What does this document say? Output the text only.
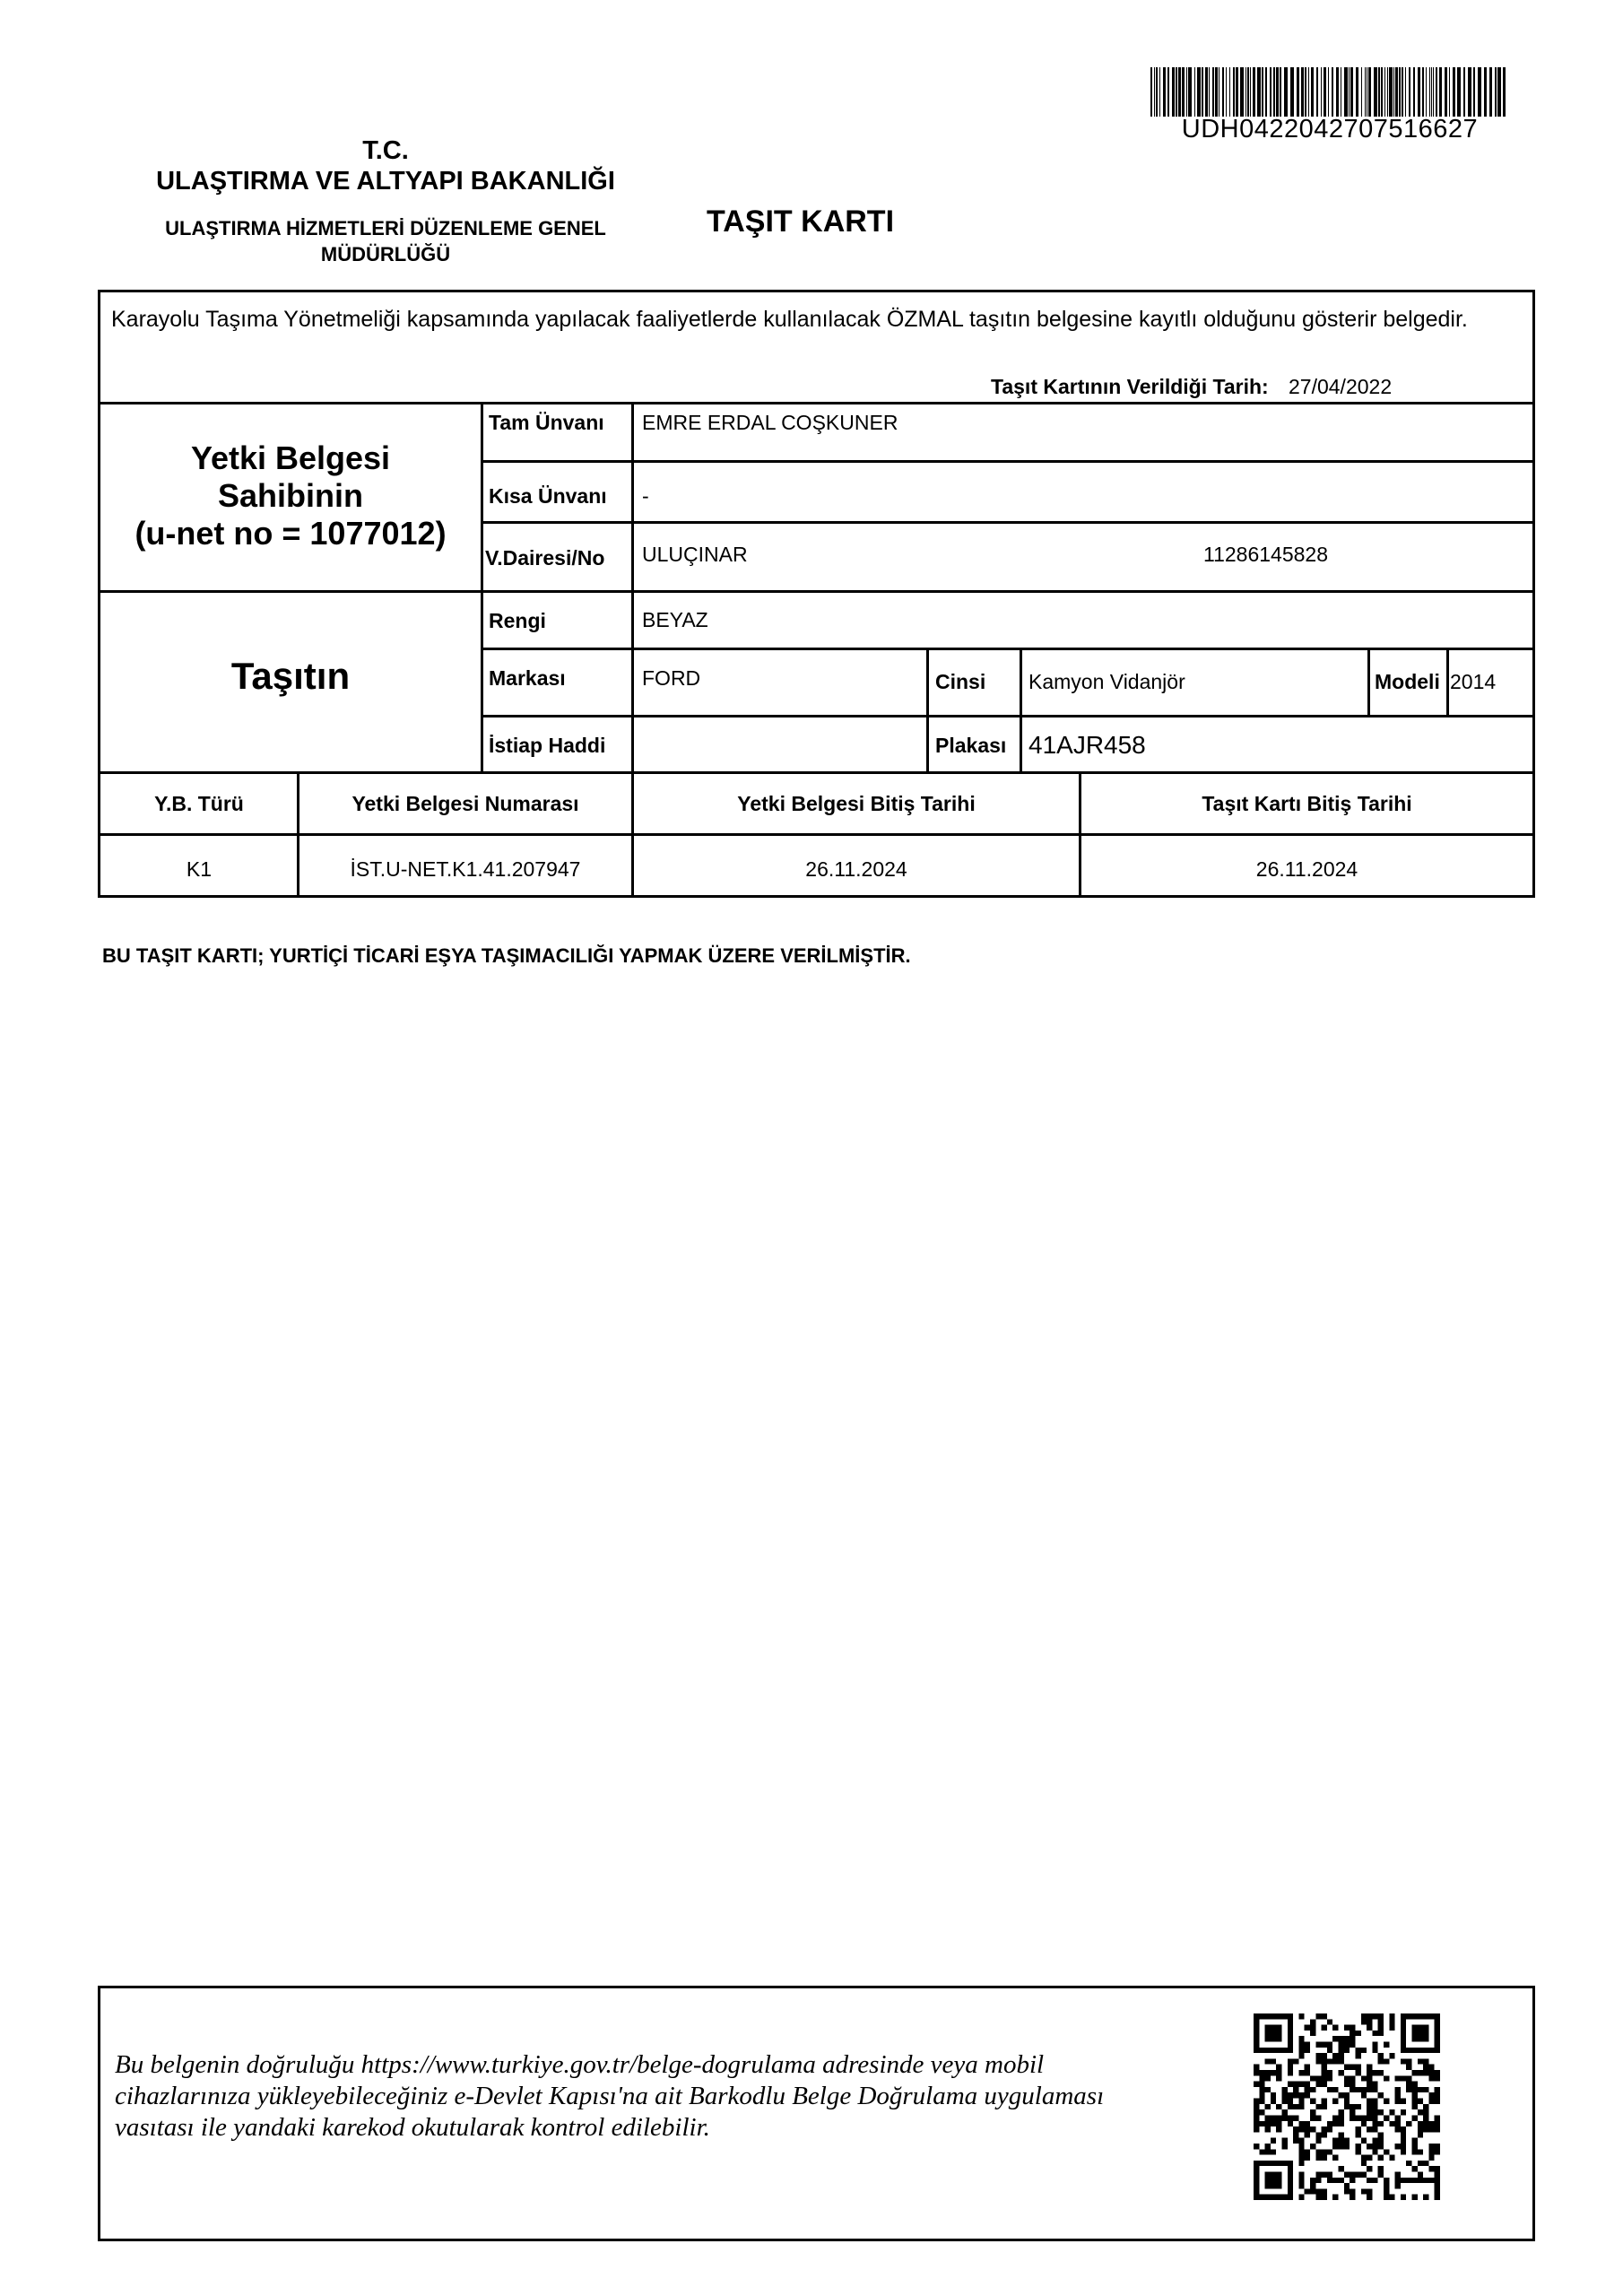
T.C.
ULAŞTIRMA VE ALTYAPI BAKANLIĞI
ULAŞTIRMA HİZMETLERİ DÜZENLEME GENEL MÜDÜRLÜĞÜ
TAŞIT KARTI
UDH0422042707516627
Karayolu Taşıma Yönetmeliği kapsamında yapılacak faaliyetlerde kullanılacak ÖZMAL taşıtın belgesine kayıtlı olduğunu gösterir belgedir.
Taşıt Kartının Verildiği Tarih: 27/04/2022
Yetki Belgesi
Sahibinin
(u-net no = 1077012)
Tam Ünvanı EMRE ERDAL COŞKUNER
Kısa Ünvanı -
V.Dairesi/No ULUÇINAR	11286145828
Taşıtın
Rengi	BEYAZ
Markası	FORD	Cinsi Kamyon Vidanjör	Modeli 2014
İstiap Haddi	Plakası 41AJR458
Y.B. Türü	Yetki Belgesi Numarası	Yetki Belgesi Bitiş Tarihi	Taşıt Kartı Bitiş Tarihi
K1	İST.U-NET.K1.41.207947	26.11.2024	26.11.2024
BU TAŞIT KARTI; YURTİÇİ TİCARİ EŞYA TAŞIMACILIĞI YAPMAK ÜZERE VERİLMİŞTİR.
Bu belgenin doğruluğu https://www.turkiye.gov.tr/belge-dogrulama adresinde veya mobil cihazlarınıza yükleyebileceğiniz e-Devlet Kapısı'na ait Barkodlu Belge Doğrulama uygulaması vasıtası ile yandaki karekod okutularak kontrol edilebilir.
